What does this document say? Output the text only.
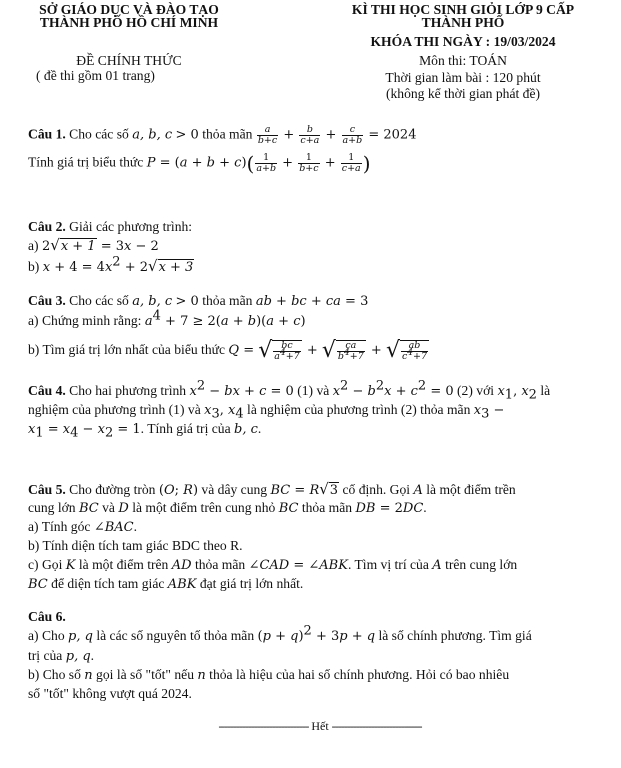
SỞ GIÁO DỤC VÀ ĐÀO TẠO
THÀNH PHỐ HỒ CHÍ MINH
KÌ THI HỌC SINH GIỎI LỚP 9 CẤP
THÀNH PHỐ
KHÓA THI NGÀY : 19/03/2024
ĐỀ CHÍNH THỨC	Môn thi: TOÁN
( đề thi gồm 01 trang)	Thời gian làm bài : 120 phút
(không kể thời gian phát đề)
Câu 1. Cho các số a, b, c > 0 thỏa mãn $\frac{a}{b+c} + \frac{b}{c+a} + \frac{c}{a+b} = 2024$
Tính giá trị biểu thức $P = (a + b + c)( \frac{1}{a+b} + \frac{1}{b+c} + \frac{1}{c+a}$ )
Câu 2. Giải các phương trình:
a) 2√x + 1 = 3x − 2
b) $x + 4 = 4x^2 + 2√x + 3$
Câu 3. Cho các số a, b, c > 0 thỏa mãn ab + bc + ca = 3
a) Chứng minh rằng: $a^4 + 7 \ge 2(a + b)(a + c)$
b) Tìm giá trị lớn nhất của biểu thức Q = √ $\frac{bc}{a^4+7}$ + √ $\frac{ca}{b^4+7}$ + √ $\frac{ab}{c^4+7}$
Câu 4. Cho hai phương trình $x^2$ − bx + c = 0 (1) và $x^2 - b^2x + c^2 = 0$ (2) với $x_1$, $x_2$ là
nghiệm của phương trình (1) và $x_3$, $x_4$ là nghiệm của phương trình (2) thỏa mãn $x_3$ −
$x_1 = x_4 - x_2 = 1$. Tính giá trị của b, c.
Câu 5. Cho đường tròn (O; R) và dây cung BC = R√3 cố định. Gọi A là một điểm trền
cung lớn BC và D là một điểm trên cung nhỏ BC thỏa mãn DB = 2DC.
a) Tính góc ∠BAC.
b) Tính diện tích tam giác BDC theo R.
c) Gọi K là một điểm trên AD thỏa mãn ∠CAD = ∠ABK. Tìm vị trí của A trên cung lớn
BC để diện tích tam giác ABK đạt giá trị lớn nhất.
Câu 6.
a) Cho p, q là các số nguyên tố thỏa mãn $(p + q)^2 + 3p + q$ là số chính phương. Tìm giá
trị của p, q.
b) Cho số n gọi là số "tốt" nếu n thỏa là hiệu của hai số chính phương. Hỏi có bao nhiêu
số "tốt" không vượt quá 2024.
------------------------------ Hết ------------------------------
